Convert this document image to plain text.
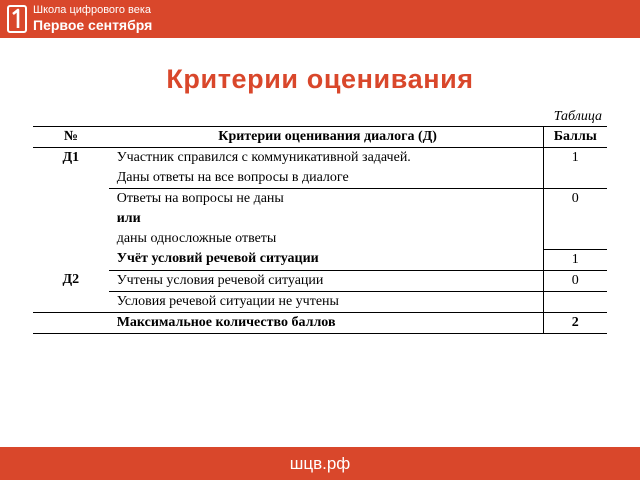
Школа цифрового века
Первое сентября
Критерии оценивания
Таблица
№	Критерии оценивания диалога (Д)	Баллы
Д1	Участник справился с коммуникативной задачей.	1
	Даны ответы на все вопросы в диалоге	
	Ответы на вопросы не даны	0
	или	
	даны односложные ответы	
Д2	Учёт условий речевой ситуации	1
	Учтены условия речевой ситуации	0
	Условия речевой ситуации не учтены	
	Максимальное количество баллов	2
шцв.рф
